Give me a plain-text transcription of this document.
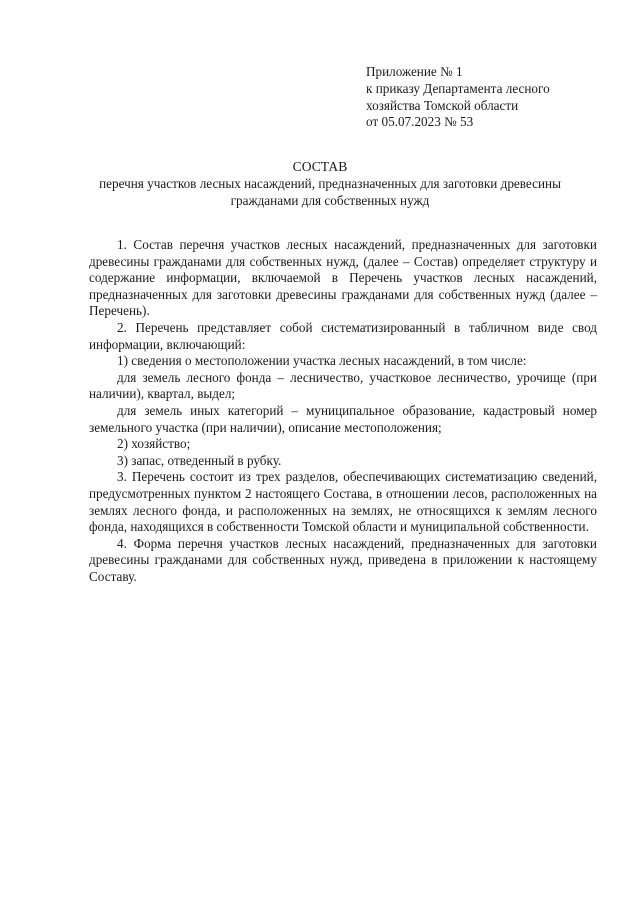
Приложение № 1
к приказу Департамента лесного
хозяйства Томской области
от 05.07.2023 № 53
СОСТАВ
перечня участков лесных насаждений, предназначенных для заготовки древесины гражданами для собственных нужд

1. Состав перечня участков лесных насаждений, предназначенных для заготовки древесины гражданами для собственных нужд, (далее – Состав) определяет структуру и содержание информации, включаемой в Перечень участков лесных насаждений, предназначенных для заготовки древесины гражданами для собственных нужд (далее – Перечень).

2. Перечень представляет собой систематизированный в табличном виде свод информации, включающий:

1) сведения о местоположении участка лесных насаждений, в том числе:

для земель лесного фонда – лесничество, участковое лесничество, урочище (при наличии), квартал, выдел;

для земель иных категорий – муниципальное образование, кадастровый номер земельного участка (при наличии), описание местоположения;

2) хозяйство;

3) запас, отведенный в рубку.

3. Перечень состоит из трех разделов, обеспечивающих систематизацию сведений, предусмотренных пунктом 2 настоящего Состава, в отношении лесов, расположенных на землях лесного фонда, и расположенных на землях, не относящихся к землям лесного фонда, находящихся в собственности Томской области и муниципальной собственности.

4. Форма перечня участков лесных насаждений, предназначенных для заготовки древесины гражданами для собственных нужд, приведена в приложении к настоящему Составу.
